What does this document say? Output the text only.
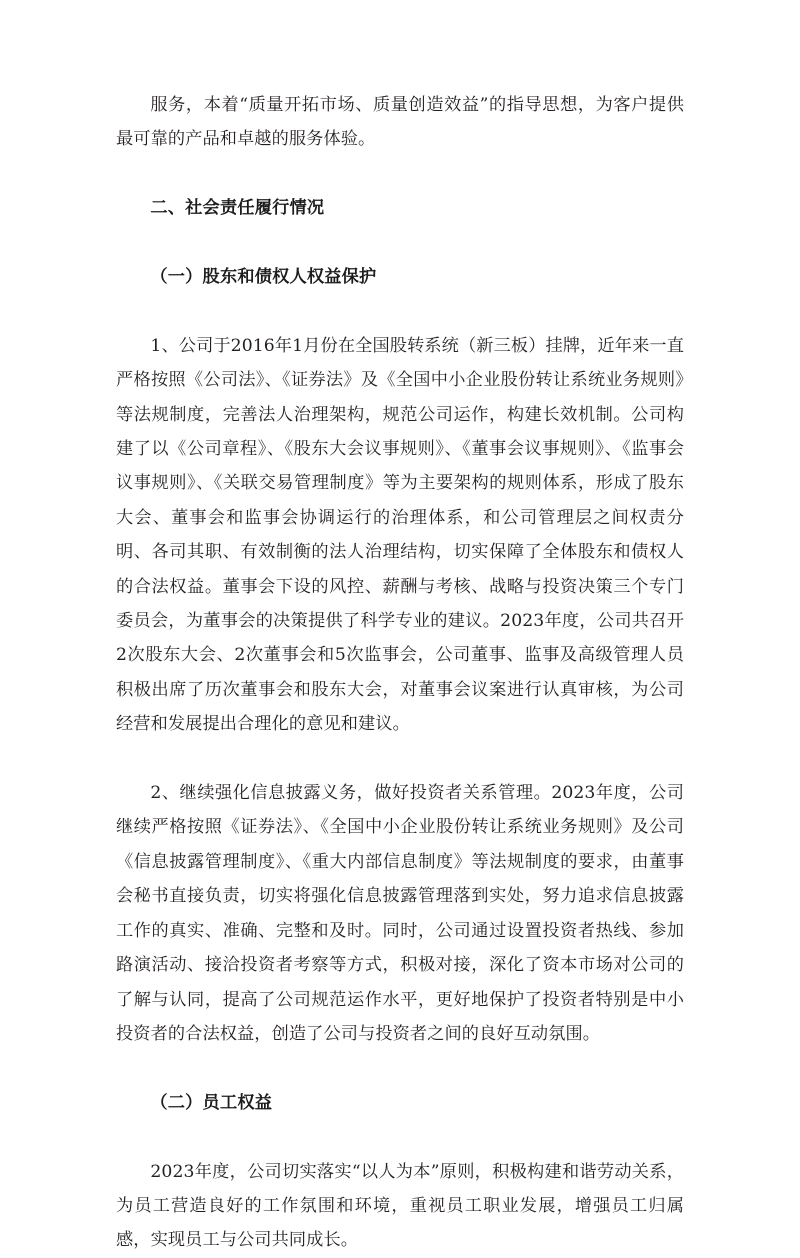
服务，本着“质量开拓市场、质量创造效益”的指导思想，为客户提供最可靠的产品和卓越的服务体验。

二、社会责任履行情况
（一）股东和债权人权益保护

1、公司于2016年1月份在全国股转系统（新三板）挂牌，近年来一直严格按照《公司法》、《证券法》及《全国中小企业股份转让系统业务规则》等法规制度，完善法人治理架构，规范公司运作，构建长效机制。公司构建了以《公司章程》、《股东大会议事规则》、《董事会议事规则》、《监事会议事规则》、《关联交易管理制度》等为主要架构的规则体系，形成了股东大会、董事会和监事会协调运行的治理体系，和公司管理层之间权责分明、各司其职、有效制衡的法人治理结构，切实保障了全体股东和债权人的合法权益。董事会下设的风控、薪酬与考核、战略与投资决策三个专门委员会，为董事会的决策提供了科学专业的建议。2023年度，公司共召开2次股东大会、2次董事会和5次监事会，公司董事、监事及高级管理人员积极出席了历次董事会和股东大会，对董事会议案进行认真审核，为公司经营和发展提出合理化的意见和建议。

2、继续强化信息披露义务，做好投资者关系管理。2023年度，公司继续严格按照《证券法》、《全国中小企业股份转让系统业务规则》及公司《信息披露管理制度》、《重大内部信息制度》等法规制度的要求，由董事会秘书直接负责，切实将强化信息披露管理落到实处，努力追求信息披露工作的真实、准确、完整和及时。同时，公司通过设置投资者热线、参加路演活动、接洽投资者考察等方式，积极对接，深化了资本市场对公司的了解与认同，提高了公司规范运作水平，更好地保护了投资者特别是中小投资者的合法权益，创造了公司与投资者之间的良好互动氛围。

（二）员工权益

2023年度，公司切实落实“以人为本”原则，积极构建和谐劳动关系，为员工营造良好的工作氛围和环境，重视员工职业发展，增强员工归属感，实现员工与公司共同成长。
